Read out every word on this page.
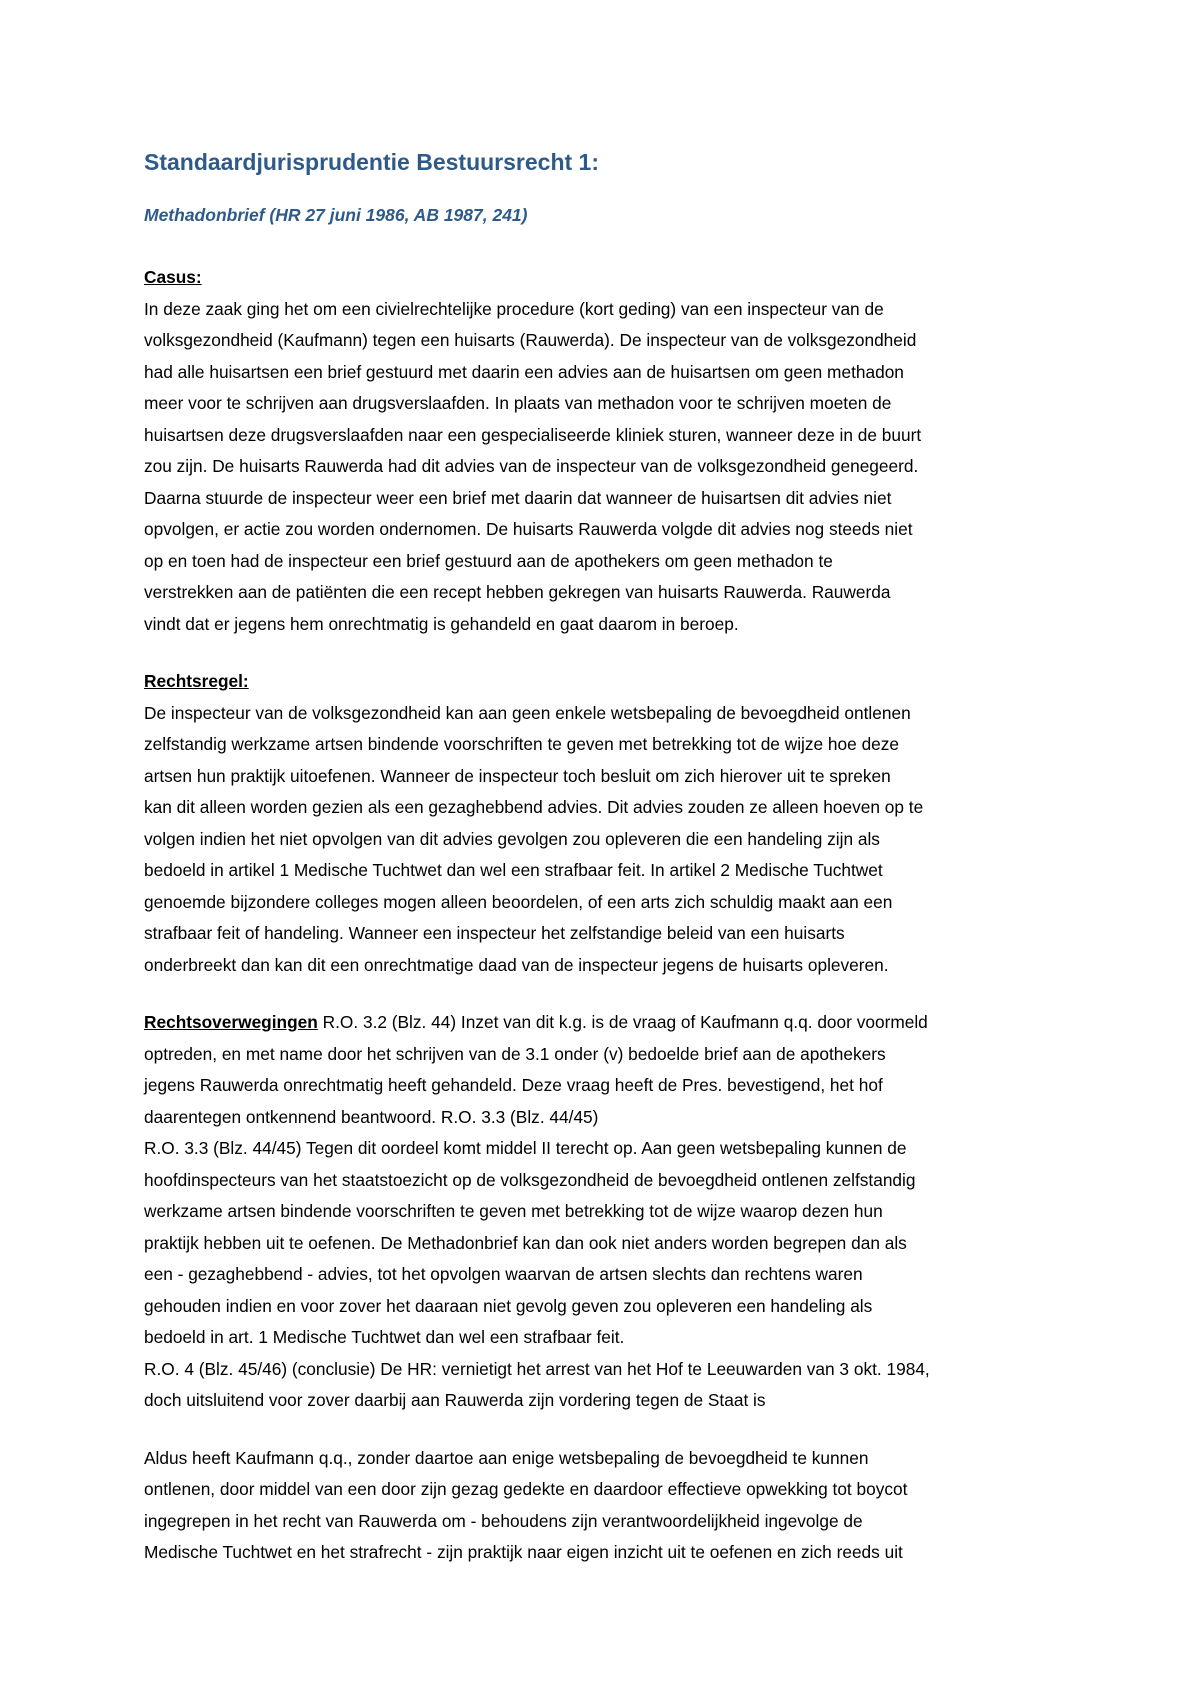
Standaardjurisprudentie Bestuursrecht 1:
Methadonbrief (HR 27 juni 1986, AB 1987, 241)
Casus:
In deze zaak ging het om een civielrechtelijke procedure (kort geding) van een inspecteur van de
volksgezondheid (Kaufmann) tegen een huisarts (Rauwerda). De inspecteur van de volksgezondheid
had alle huisartsen een brief gestuurd met daarin een advies aan de huisartsen om geen methadon
meer voor te schrijven aan drugsverslaafden. In plaats van methadon voor te schrijven moeten de
huisartsen deze drugsverslaafden naar een gespecialiseerde kliniek sturen, wanneer deze in de buurt
zou zijn. De huisarts Rauwerda had dit advies van de inspecteur van de volksgezondheid genegeerd.
Daarna stuurde de inspecteur weer een brief met daarin dat wanneer de huisartsen dit advies niet
opvolgen, er actie zou worden ondernomen. De huisarts Rauwerda volgde dit advies nog steeds niet
op en toen had de inspecteur een brief gestuurd aan de apothekers om geen methadon te
verstrekken aan de patiënten die een recept hebben gekregen van huisarts Rauwerda. Rauwerda
vindt dat er jegens hem onrechtmatig is gehandeld en gaat daarom in beroep.
Rechtsregel:
De inspecteur van de volksgezondheid kan aan geen enkele wetsbepaling de bevoegdheid ontlenen
zelfstandig werkzame artsen bindende voorschriften te geven met betrekking tot de wijze hoe deze
artsen hun praktijk uitoefenen. Wanneer de inspecteur toch besluit om zich hierover uit te spreken
kan dit alleen worden gezien als een gezaghebbend advies. Dit advies zouden ze alleen hoeven op te
volgen indien het niet opvolgen van dit advies gevolgen zou opleveren die een handeling zijn als
bedoeld in artikel 1 Medische Tuchtwet dan wel een strafbaar feit. In artikel 2 Medische Tuchtwet
genoemde bijzondere colleges mogen alleen beoordelen, of een arts zich schuldig maakt aan een
strafbaar feit of handeling. Wanneer een inspecteur het zelfstandige beleid van een huisarts
onderbreekt dan kan dit een onrechtmatige daad van de inspecteur jegens de huisarts opleveren.
Rechtsoverwegingen R.O. 3.2 (Blz. 44) Inzet van dit k.g. is de vraag of Kaufmann q.q. door voormeld
optreden, en met name door het schrijven van de 3.1 onder (v) bedoelde brief aan de apothekers
jegens Rauwerda onrechtmatig heeft gehandeld. Deze vraag heeft de Pres. bevestigend, het hof
daarentegen ontkennend beantwoord. R.O. 3.3 (Blz. 44/45)
R.O. 3.3 (Blz. 44/45) Tegen dit oordeel komt middel II terecht op. Aan geen wetsbepaling kunnen de
hoofdinspecteurs van het staatstoezicht op de volksgezondheid de bevoegdheid ontlenen zelfstandig
werkzame artsen bindende voorschriften te geven met betrekking tot de wijze waarop dezen hun
praktijk hebben uit te oefenen. De Methadonbrief kan dan ook niet anders worden begrepen dan als
een - gezaghebbend - advies, tot het opvolgen waarvan de artsen slechts dan rechtens waren
gehouden indien en voor zover het daaraan niet gevolg geven zou opleveren een handeling als
bedoeld in art. 1 Medische Tuchtwet dan wel een strafbaar feit.
R.O. 4 (Blz. 45/46) (conclusie) De HR: vernietigt het arrest van het Hof te Leeuwarden van 3 okt. 1984,
doch uitsluitend voor zover daarbij aan Rauwerda zijn vordering tegen de Staat is
Aldus heeft Kaufmann q.q., zonder daartoe aan enige wetsbepaling de bevoegdheid te kunnen
ontlenen, door middel van een door zijn gezag gedekte en daardoor effectieve opwekking tot boycot
ingegrepen in het recht van Rauwerda om - behoudens zijn verantwoordelijkheid ingevolge de
Medische Tuchtwet en het strafrecht - zijn praktijk naar eigen inzicht uit te oefenen en zich reeds uit
